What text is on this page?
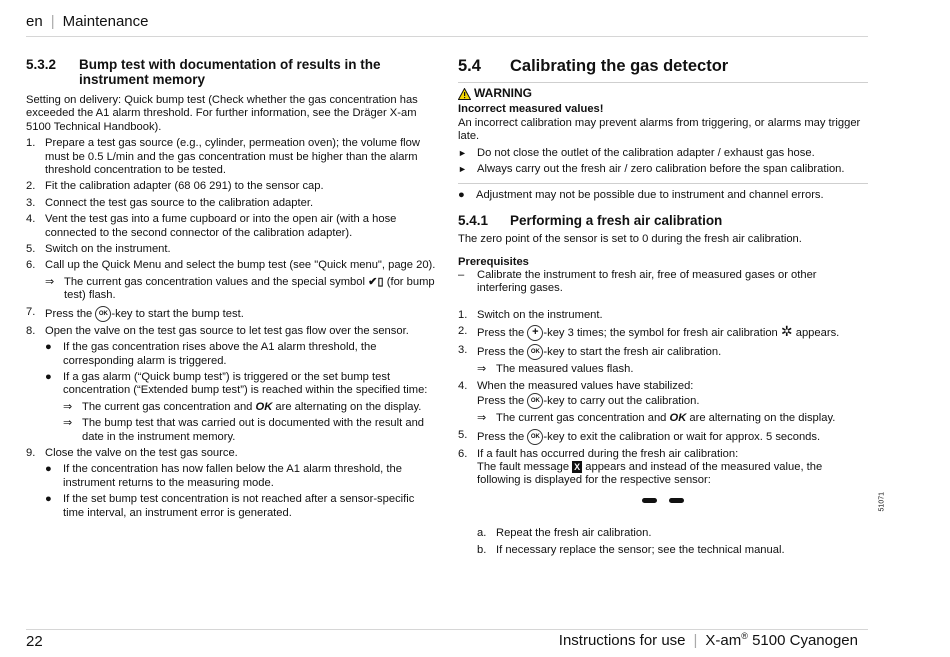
en | Maintenance
5.3.2	Bump test with documentation of results in the instrument memory

Setting on delivery: Quick bump test (Check whether the gas concentration has exceeded the A1 alarm threshold. For further information, see the Dräger X-am 5100 Technical Handbook).

1. Prepare a test gas source (e.g., cylinder, permeation oven); the volume flow must be 0.5 L/min and the gas concentration must be higher than the alarm threshold concentration to be tested.
2. Fit the calibration adapter (68 06 291) to the sensor cap.
3. Connect the test gas source to the calibration adapter.
4. Vent the test gas into a fume cupboard or into the open air (with a hose connected to the second connector of the calibration adapter).
5. Switch on the instrument.
6. Call up the Quick Menu and select the bump test (see "Quick menu", page 20).
⇒ The current gas concentration values and the special symbol ✔▯ (for bump test) flash.
7. Press the OK -key to start the bump test.
8. Open the valve on the test gas source to let test gas flow over the sensor.
●	If the gas concentration rises above the A1 alarm threshold, the corresponding alarm is triggered.
●	If a gas alarm (“Quick bump test”) is triggered or the set bump test concentration (“Extended bump test”) is reached within the specified time:
⇒ The current gas concentration and OK are alternating on the display.
⇒ The bump test that was carried out is documented with the result and date in the instrument memory.
9. Close the valve on the test gas source.
●	If the concentration has now fallen below the A1 alarm threshold, the instrument returns to the measuring mode.
●	If the set bump test concentration is not reached after a sensor-specific time interval, an instrument error is generated.
5.4	Calibrating the gas detector
WARNING
Incorrect measured values!

An incorrect calibration may prevent alarms from triggering, or alarms may trigger late.

► Do not close the outlet of the calibration adapter / exhaust gas hose.
► Always carry out the fresh air / zero calibration before the span calibration.
●	Adjustment may not be possible due to instrument and channel errors.
5.4.1	Performing a fresh air calibration

The zero point of the sensor is set to 0 during the fresh air calibration.

Prerequisites
–	Calibrate the instrument to fresh air, free of measured gases or other interfering gases.
1. Switch on the instrument.
2. Press the + -key 3 times; the symbol for fresh air calibration ✲ appears.
3. Press the OK -key to start the fresh air calibration.
⇒ The measured values flash.
4. When the measured values have stabilized:
Press the OK -key to carry out the calibration.
⇒ The current gas concentration and OK are alternating on the display.
5. Press the OK -key to exit the calibration or wait for approx. 5 seconds.
6. If a fault has occurred during the fresh air calibration:
The fault message X appears and instead of the measured value, the following is displayed for the respective sensor:
a. Repeat the fresh air calibration.
b. If necessary replace the sensor; see the technical manual.
51071
22	Instructions for use | X-am® 5100 Cyanogen
